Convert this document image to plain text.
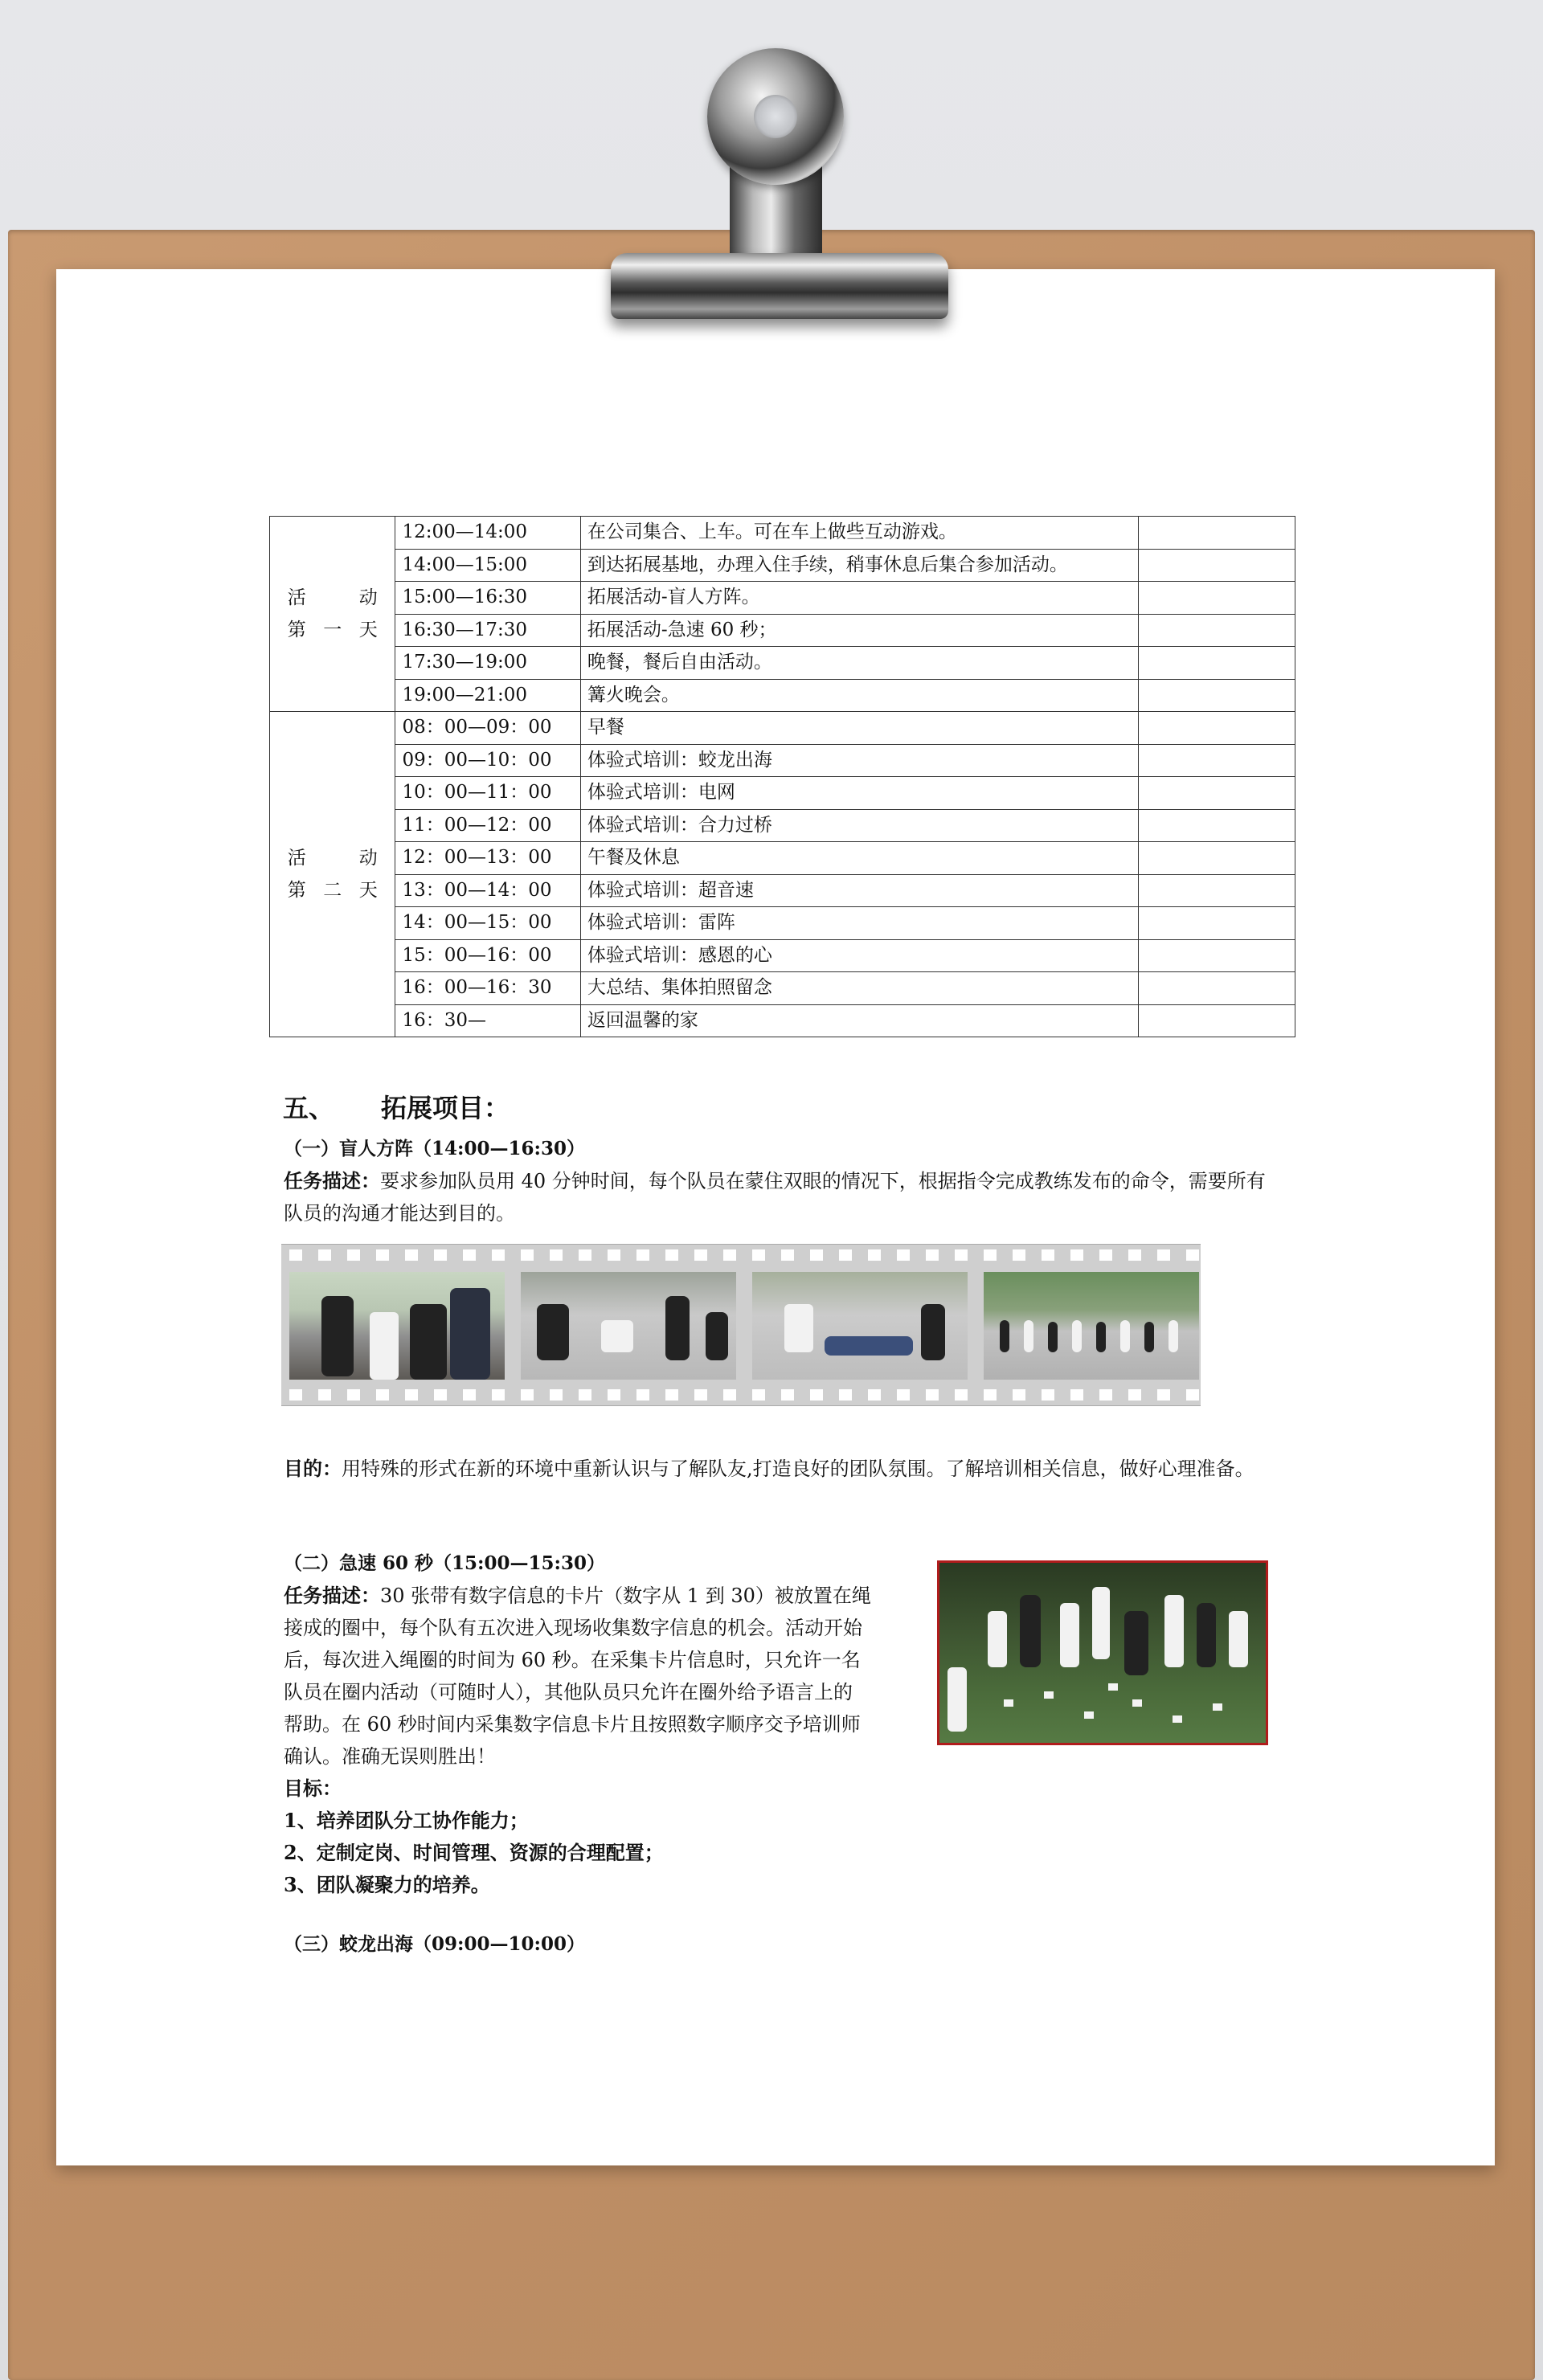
活动
第一天	12:00—14:00	在公司集合、上车。可在车上做些互动游戏。	
	14:00—15:00	到达拓展基地，办理入住手续，稍事休息后集合参加活动。	
	15:00—16:30	拓展活动-盲人方阵。	
	16:30—17:30	拓展活动-急速 60 秒；	
	17:30—19:00	晚餐，餐后自由活动。	
	19:00—21:00	篝火晚会。	
活动
第二天	08：00—09：00	早餐	
	09：00—10：00	体验式培训：蛟龙出海	
	10：00—11：00	体验式培训：电网	
	11：00—12：00	体验式培训：合力过桥	
	12：00—13：00	午餐及休息	
	13：00—14：00	体验式培训：超音速	
	14：00—15：00	体验式培训：雷阵	
	15：00—16：00	体验式培训：感恩的心	
	16：00—16：30	大总结、集体拍照留念	
	16：30—	返回温馨的家	
五、 拓展项目：
（一）盲人方阵（14:00—16:30）
任务描述：要求参加队员用 40 分钟时间，每个队员在蒙住双眼的情况下，根据指令完成教练发布的命令，需要所有队员的沟通才能达到目的。
目的：用特殊的形式在新的环境中重新认识与了解队友,打造良好的团队氛围。了解培训相关信息，做好心理准备。
（二）急速 60 秒（15:00—15:30）
任务描述：30 张带有数字信息的卡片（数字从 1 到 30）被放置在绳
接成的圈中，每个队有五次进入现场收集数字信息的机会。活动开始
后，每次进入绳圈的时间为 60 秒。在采集卡片信息时，只允许一名
队员在圈内活动（可随时人），其他队员只允许在圈外给予语言上的
帮助。在 60 秒时间内采集数字信息卡片且按照数字顺序交予培训师
确认。准确无误则胜出！
目标：
1、培养团队分工协作能力；
2、定制定岗、时间管理、资源的合理配置；
3、团队凝聚力的培养。
（三）蛟龙出海（09:00—10:00）
